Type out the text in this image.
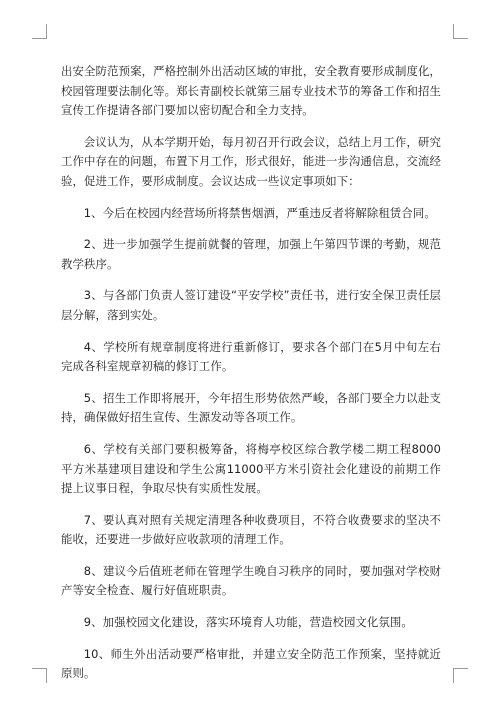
出安全防范预案，严格控制外出活动区域的审批，安全教育要形成制度化，校园管理要法制化等。郑长青副校长就第三届专业技术节的筹备工作和招生宣传工作提请各部门要加以密切配合和全力支持。

会议认为，从本学期开始，每月初召开行政会议，总结上月工作，研究工作中存在的问题，布置下月工作，形式很好，能进一步沟通信息，交流经验，促进工作，要形成制度。会议达成一些议定事项如下：

1、今后在校园内经营场所将禁售烟酒，严重违反者将解除租赁合同。

2、进一步加强学生提前就餐的管理，加强上午第四节课的考勤，规范教学秩序。

3、与各部门负责人签订建设“平安学校”责任书，进行安全保卫责任层层分解，落到实处。

4、学校所有规章制度将进行重新修订，要求各个部门在5月中旬左右完成各科室规章初稿的修订工作。

5、招生工作即将展开，今年招生形势依然严峻，各部门要全力以赴支持，确保做好招生宣传、生源发动等各项工作。

6、学校有关部门要积极筹备，将梅亭校区综合教学楼二期工程8000平方米基建项目建设和学生公寓11000平方米引资社会化建设的前期工作提上议事日程，争取尽快有实质性发展。

7、要认真对照有关规定清理各种收费项目，不符合收费要求的坚决不能收，还要进一步做好应收款项的清理工作。

8、建议今后值班老师在管理学生晚自习秩序的同时，要加强对学校财产等安全检查、履行好值班职责。

9、加强校园文化建设，落实环境育人功能，营造校园文化氛围。

10、师生外出活动要严格审批，并建立安全防范工作预案，坚持就近原则。
